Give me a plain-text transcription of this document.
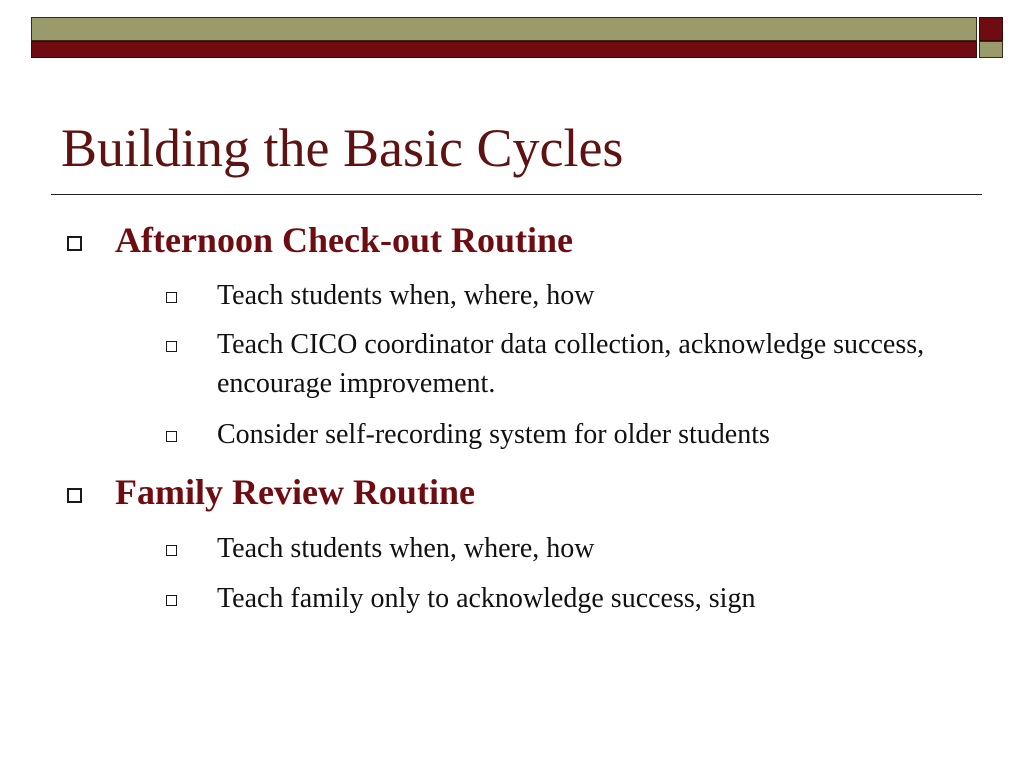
Building the Basic Cycles
Afternoon Check-out Routine
Teach students when, where, how
Teach CICO coordinator data collection, acknowledge success, encourage improvement.
Consider self-recording system for older students
Family Review Routine
Teach students when, where, how
Teach family only to acknowledge success, sign
